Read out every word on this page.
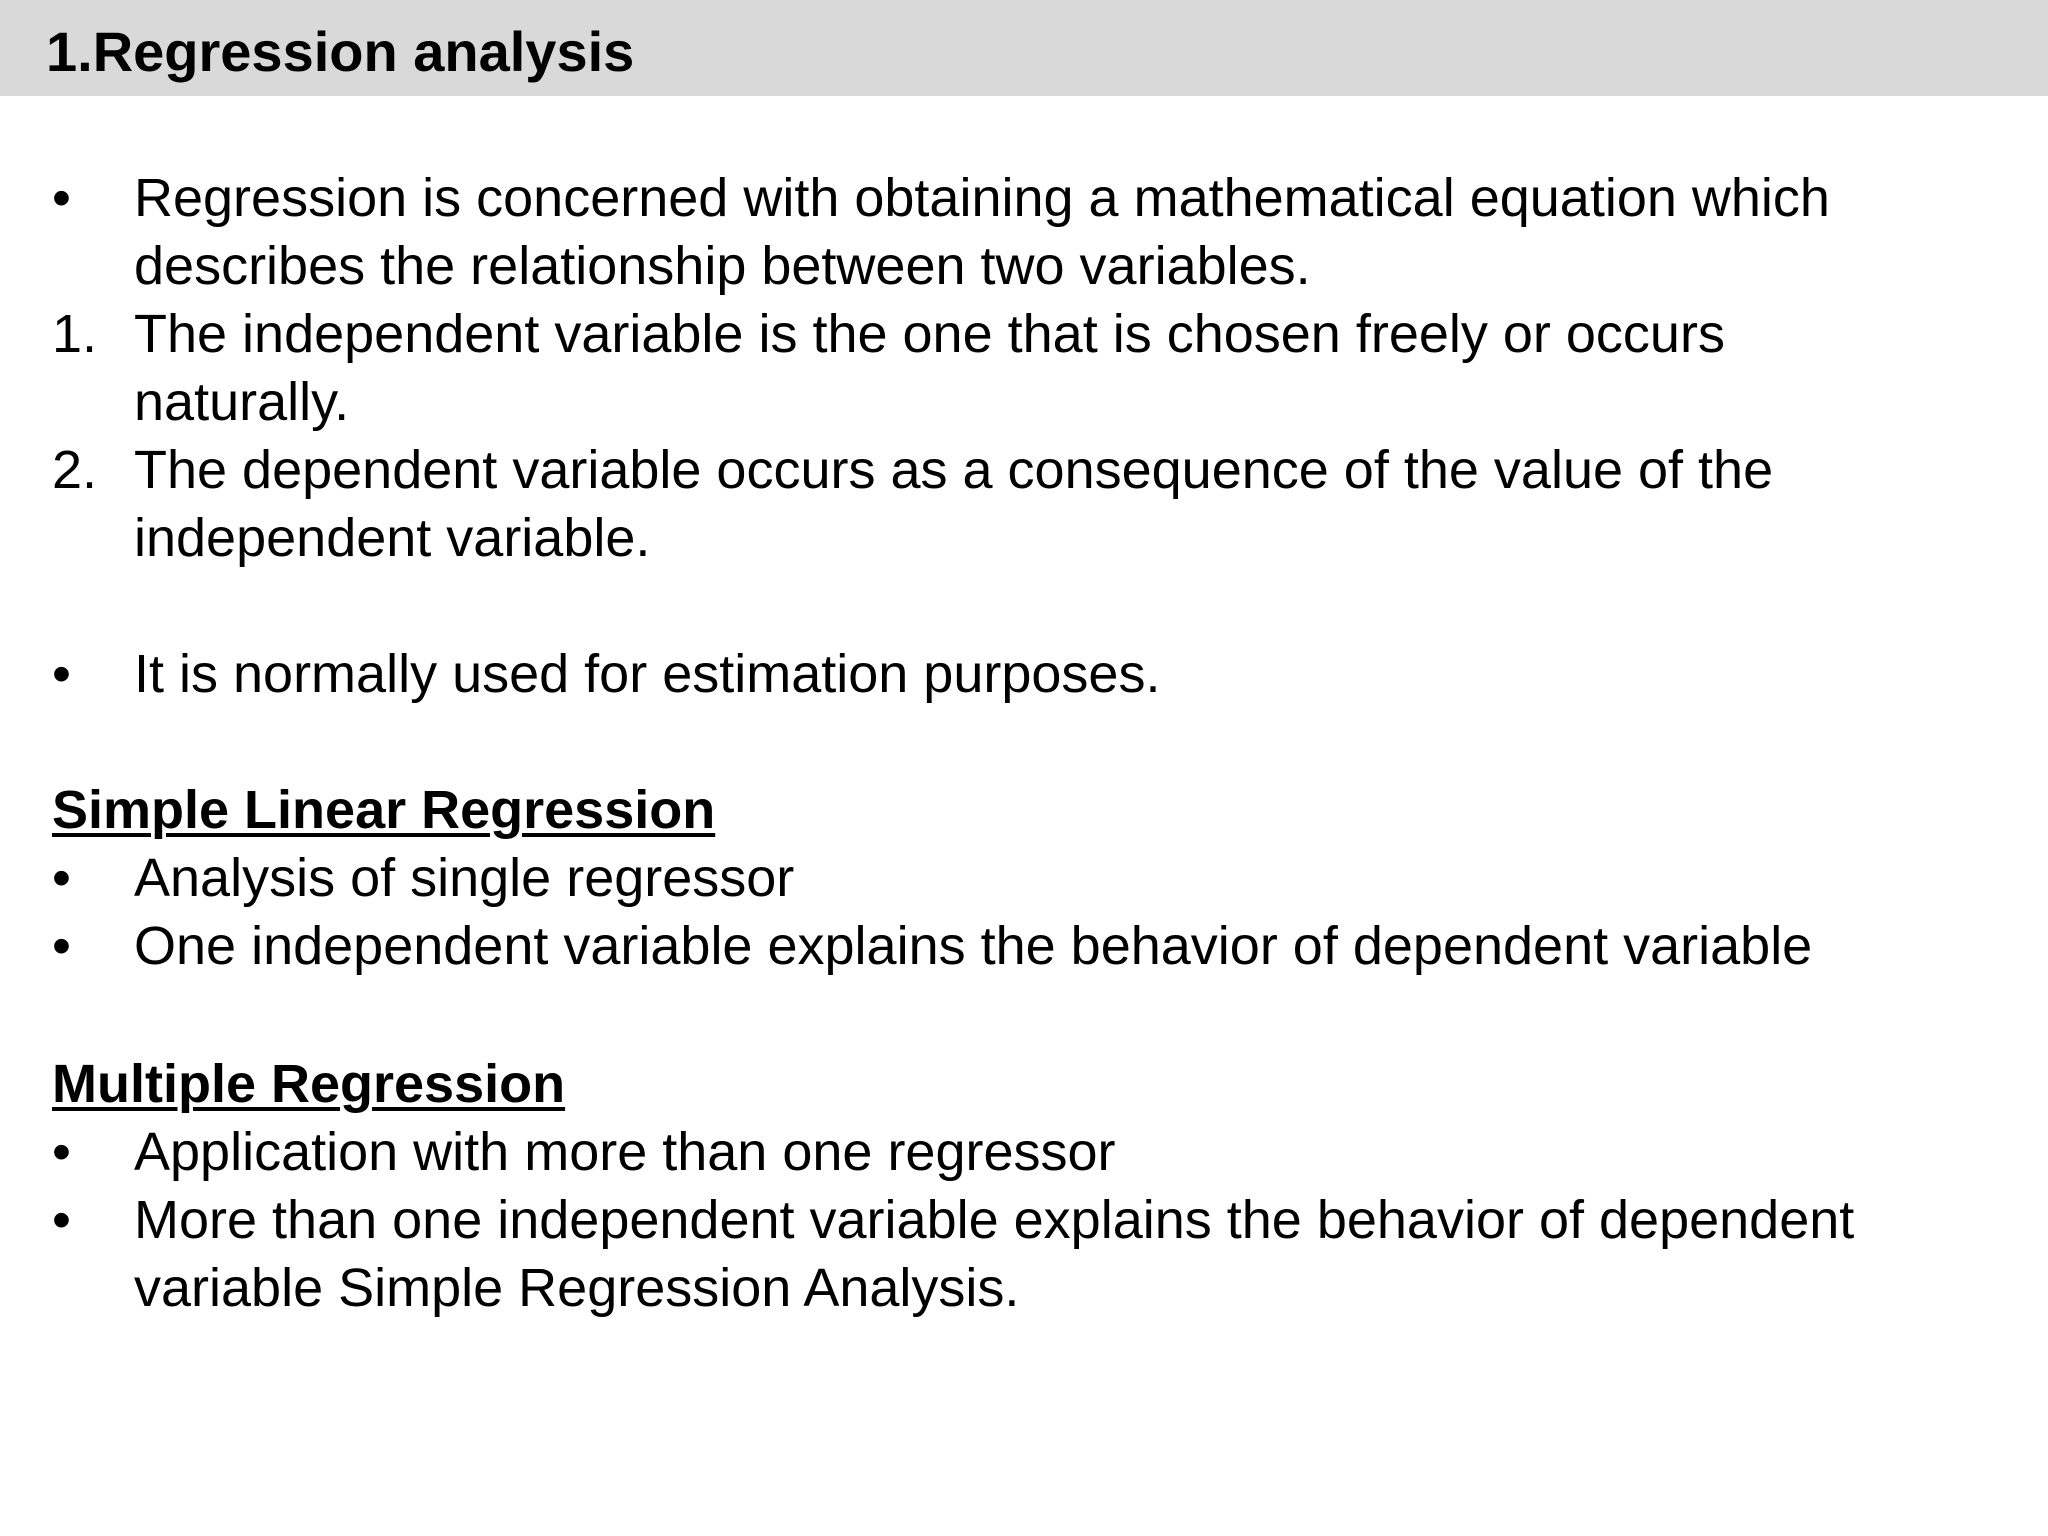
1.Regression analysis
•	Regression is concerned with obtaining a mathematical equation which
describes the relationship between two variables.
1. The independent variable is the one that is chosen freely or occurs
naturally.
2. The dependent variable occurs as a consequence of the value of the
independent variable.
•	It is normally used for estimation purposes.
Simple Linear Regression
•	Analysis of single regressor
•	One independent variable explains the behavior of dependent variable
Multiple Regression
•	Application with more than one regressor
•	More than one independent variable explains the behavior of dependent
variable Simple Regression Analysis.
